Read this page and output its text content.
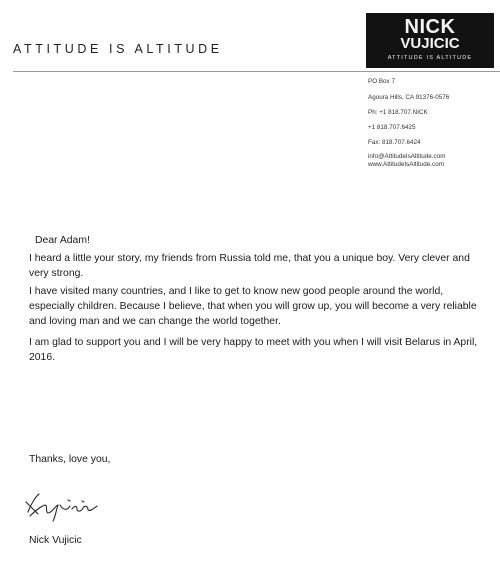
ATTITUDE IS ALTITUDE
NICK
VUJICIC
ATTITUDE IS ALTITUDE
PO Box 7
Agoura Hills, CA 91376-0576
Ph: +1 818.707.NICK
+1 818.707.6425
Fax: 818.707.6424
info@AttitudeIsAltitude.com
www.AttitudeIsAltitude.com
Dear Adam!

I heard a little your story, my friends from Russia told me, that you a unique boy. Very clever and very strong.

I have visited many countries, and I like to get to know new good people around the world, especially children. Because I believe, that when you will grow up, you will become a very reliable and loving man and we can change the world together.

I am glad to support you and I will be very happy to meet with you when I will visit Belarus in April, 2016.

Thanks, love you,
Nick Vujicic
